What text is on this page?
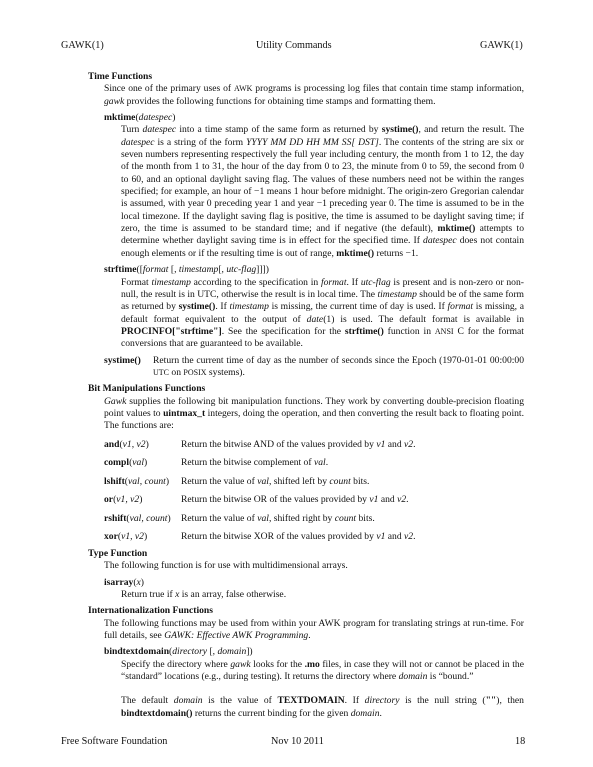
GAWK(1)	Utility Commands	GAWK(1)
Time Functions
Since one of the primary uses of AWK programs is processing log files that contain time stamp information, gawk provides the following functions for obtaining time stamps and formatting them.
mktime(datespec)
Turn datespec into a time stamp of the same form as returned by systime(), and return the result. The datespec is a string of the form YYYY MM DD HH MM SS[ DST]. The contents of the string are six or seven numbers representing respectively the full year including century, the month from 1 to 12, the day of the month from 1 to 31, the hour of the day from 0 to 23, the minute from 0 to 59, the second from 0 to 60, and an optional daylight saving flag. The values of these numbers need not be within the ranges specified; for example, an hour of −1 means 1 hour before midnight. The origin-zero Gregorian calendar is assumed, with year 0 preceding year 1 and year −1 preceding year 0. The time is assumed to be in the local timezone. If the daylight saving flag is positive, the time is assumed to be daylight saving time; if zero, the time is assumed to be standard time; and if negative (the default), mktime() attempts to determine whether daylight saving time is in effect for the specified time. If datespec does not contain enough elements or if the resulting time is out of range, mktime() returns −1.
strftime([format [, timestamp[, utc-flag]]])
Format timestamp according to the specification in format. If utc-flag is present and is non-zero or non-null, the result is in UTC, otherwise the result is in local time. The timestamp should be of the same form as returned by systime(). If timestamp is missing, the current time of day is used. If format is missing, a default format equivalent to the output of date(1) is used. The default format is available in PROCINFO["strftime"]. See the specification for the strftime() function in ANSI C for the format conversions that are guaranteed to be available.
systime() Return the current time of day as the number of seconds since the Epoch (1970-01-01 00:00:00 UTC on POSIX systems).
Bit Manipulations Functions
Gawk supplies the following bit manipulation functions. They work by converting double-precision floating point values to uintmax_t integers, doing the operation, and then converting the result back to floating point. The functions are:
and(v1, v2)	Return the bitwise AND of the values provided by v1 and v2.
compl(val)	Return the bitwise complement of val.
lshift(val, count) Return the value of val, shifted left by count bits.
or(v1, v2)	Return the bitwise OR of the values provided by v1 and v2.
rshift(val, count) Return the value of val, shifted right by count bits.
xor(v1, v2)	Return the bitwise XOR of the values provided by v1 and v2.
Type Function
The following function is for use with multidimensional arrays.
isarray(x)
Return true if x is an array, false otherwise.
Internationalization Functions
The following functions may be used from within your AWK program for translating strings at run-time. For full details, see GAWK: Effective AWK Programming.
bindtextdomain(directory [, domain])
Specify the directory where gawk looks for the .mo files, in case they will not or cannot be placed in the “standard” locations (e.g., during testing). It returns the directory where domain is “bound.”
The default domain is the value of TEXTDOMAIN. If directory is the null string (""), then bindtextdomain() returns the current binding for the given domain.
Free Software Foundation	Nov 10 2011	18
